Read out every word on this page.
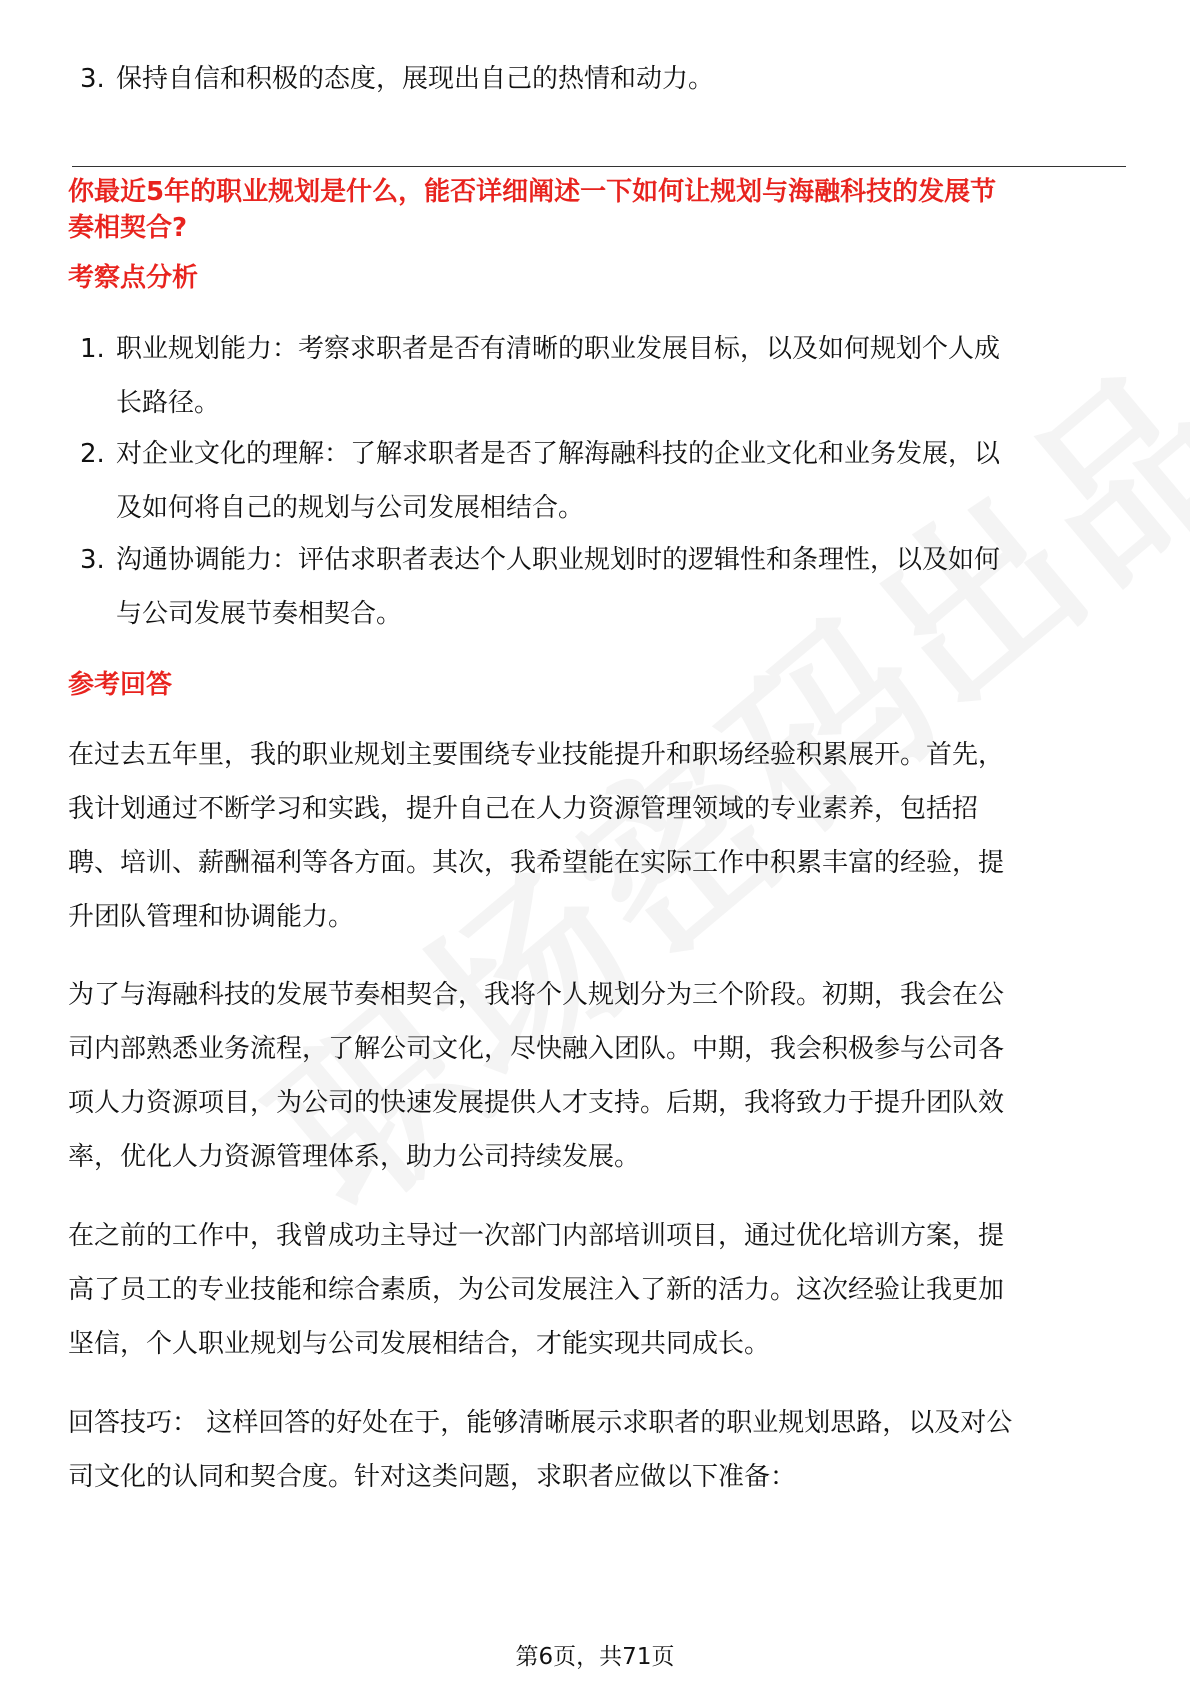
3. 保持自信和积极的态度，展现出自己的热情和动力。
你最近5年的职业规划是什么，能否详细阐述一下如何让规划与海融科技的发展节
奏相契合?
考察点分析
1. 职业规划能力：考察求职者是否有清晰的职业发展目标，以及如何规划个人成
长路径。
2. 对企业文化的理解：了解求职者是否了解海融科技的企业文化和业务发展，以
及如何将自己的规划与公司发展相结合。
3. 沟通协调能力：评估求职者表达个人职业规划时的逻辑性和条理性，以及如何
与公司发展节奏相契合。
参考回答
在过去五年里，我的职业规划主要围绕专业技能提升和职场经验积累展开。首先，
我计划通过不断学习和实践，提升自己在人力资源管理领域的专业素养，包括招
聘、培训、薪酬福利等各方面。其次，我希望能在实际工作中积累丰富的经验，提
升团队管理和协调能力。
为了与海融科技的发展节奏相契合，我将个人规划分为三个阶段。初期，我会在公
司内部熟悉业务流程，了解公司文化，尽快融入团队。中期，我会积极参与公司各
项人力资源项目，为公司的快速发展提供人才支持。后期，我将致力于提升团队效
率，优化人力资源管理体系，助力公司持续发展。
在之前的工作中，我曾成功主导过一次部门内部培训项目，通过优化培训方案，提
高了员工的专业技能和综合素质，为公司发展注入了新的活力。这次经验让我更加
坚信，个人职业规划与公司发展相结合，才能实现共同成长。
回答技巧： 这样回答的好处在于，能够清晰展示求职者的职业规划思路，以及对公
司文化的认同和契合度。针对这类问题，求职者应做以下准备：
第6页，共71页
